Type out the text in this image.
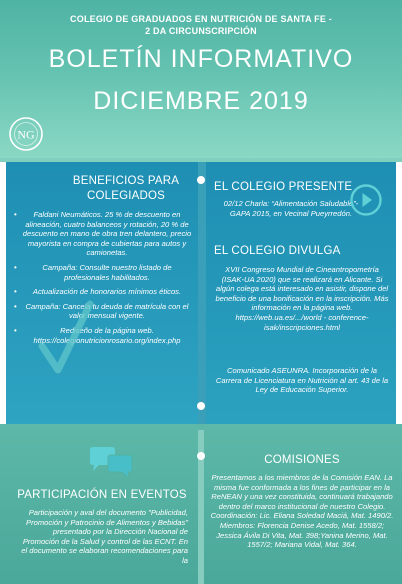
COLEGIO DE GRADUADOS EN NUTRICIÓN DE SANTA FE -
2 DA CIRCUNSCRIPCIÓN
BOLETÍN INFORMATIVO
DICIEMBRE 2019
NG
BENEFICIOS PARA
COLEGIADOS
• Faldani Neumáticos. 25 % de descuento en alineación, cuatro balanceos y rotación, 20 % de descuento en mano de obra tren delantero, precio mayorista en compra de cubiertas para autos y camionetas.
• Campaña: Consulte nuestro listado de profesionales habilitados.
• Actualización de honorarios mínimos éticos.
• Campaña: Cancela tu deuda de matrícula con el valor mensual vigente.
• Rediseño de la página web. https://colegionutricionrosario.org/index.php
EL COLEGIO PRESENTE
02/12 Charla: “Alimentación Saludable”- GAPA 2015, en Vecinal Pueyrredón.
EL COLEGIO DIVULGA
XVII Congreso Mundial de Cineantropometría (ISAK-UA 2020) que se realizará en Alicante. Si algún colega está interesado en asistir, dispone del beneficio de una bonificación en la inscripción. Más información en la página web. https://web.ua.es/.../world - conference-isak/inscripciones.html
Comunicado ASEUNRA. Incorporación de la Carrera de Licenciatura en Nutrición al art. 43 de la Ley de Educación Superior.
PARTICIPACIÓN EN EVENTOS
Participación y aval del documento "Publicidad, Promoción y Patrocinio de Alimentos y Bebidas" presentado por la Dirección Nacional de Promoción de la Salud y control de las ECNT. En el documento se elaboran recomendaciones para la
COMISIONES
Presentamos a los miembros de la Comisión EAN. La misma fue conformada a los fines de participar en la ReNEAN y una vez constituida, continuará trabajando dentro del marco institucional de nuestro Colegio. Coordinación: Lic. Eliana Soledad Maciá, Mat. 1490/2. Miembros: Florencia Denise Acedo, Mat. 1558/2; Jessica Ávila Di Vita, Mat. 398;Yanina Merino, Mat. 1557/2; Mariana Vidal, Mat. 364.
